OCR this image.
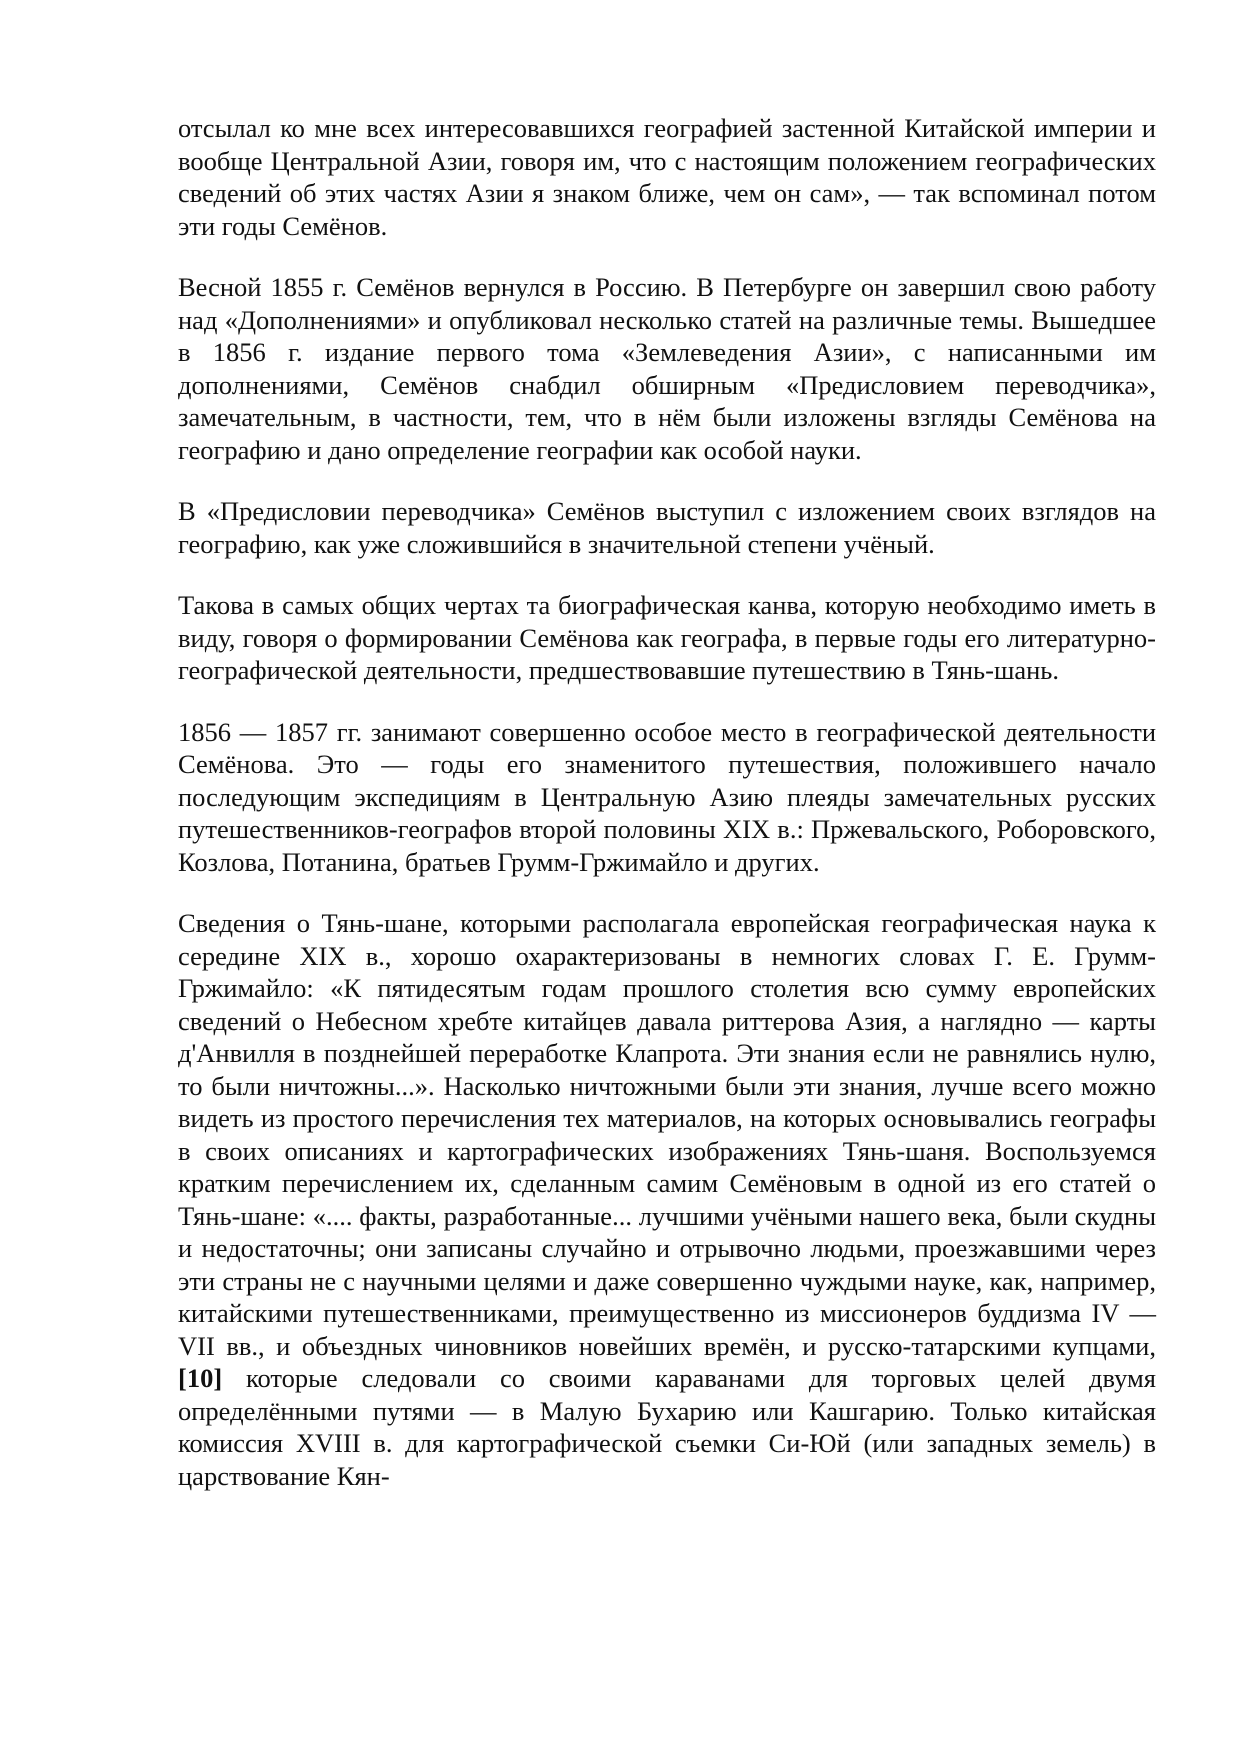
отсылал ко мне всех интересовавшихся географией застенной Китайской империи и вообще Центральной Азии, говоря им, что с настоящим положением географических сведений об этих частях Азии я знаком ближе, чем он сам», — так вспоминал потом эти годы Семёнов.

Весной 1855 г. Семёнов вернулся в Россию. В Петербурге он завершил свою работу над «Дополнениями» и опубликовал несколько статей на различные темы. Вышедшее в 1856 г. издание первого тома «Землеведения Азии», с написанными им дополнениями, Семёнов снабдил обширным «Предисловием переводчика», замечательным, в частности, тем, что в нём были изложены взгляды Семёнова на географию и дано определение географии как особой науки.

В «Предисловии переводчика» Семёнов выступил с изложением своих взглядов на географию, как уже сложившийся в значительной степени учёный.

Такова в самых общих чертах та биографическая канва, которую необходимо иметь в виду, говоря о формировании Семёнова как географа, в первые годы его литературно-географической деятельности, предшествовавшие путешествию в Тянь-шань.

1856 — 1857 гг. занимают совершенно особое место в географической деятельности Семёнова. Это — годы его знаменитого путешествия, положившего начало последующим экспедициям в Центральную Азию плеяды замечательных русских путешественников-географов второй половины XIX в.: Пржевальского, Роборовского, Козлова, Потанина, братьев Грумм-Гржимайло и других.

Сведения о Тянь-шане, которыми располагала европейская географическая наука к середине XIX в., хорошо охарактеризованы в немногих словах Г. Е. Грумм-Гржимайло: «К пятидесятым годам прошлого столетия всю сумму европейских сведений о Небесном хребте китайцев давала риттерова Азия, а наглядно — карты д'Анвилля в позднейшей переработке Клапрота. Эти знания если не равнялись нулю, то были ничтожны...». Насколько ничтожными были эти знания, лучше всего можно видеть из простого перечисления тех материалов, на которых основывались географы в своих описаниях и картографических изображениях Тянь-шаня. Воспользуемся кратким перечислением их, сделанным самим Семёновым в одной из его статей о Тянь-шане: «.... факты, разработанные... лучшими учёными нашего века, были скудны и недостаточны; они записаны случайно и отрывочно людьми, проезжавшими через эти страны не с научными целями и даже совершенно чуждыми науке, как, например, китайскими путешественниками, преимущественно из миссионеров буддизма IV — VII вв., и объездных чиновников новейших времён, и русско-татарскими купцами, [10] которые следовали со своими караванами для торговых целей двумя определёнными путями — в Малую Бухарию или Кашгарию. Только китайская комиссия XVIII в. для картографической съемки Си-Юй (или западных земель) в царствование Кян-
